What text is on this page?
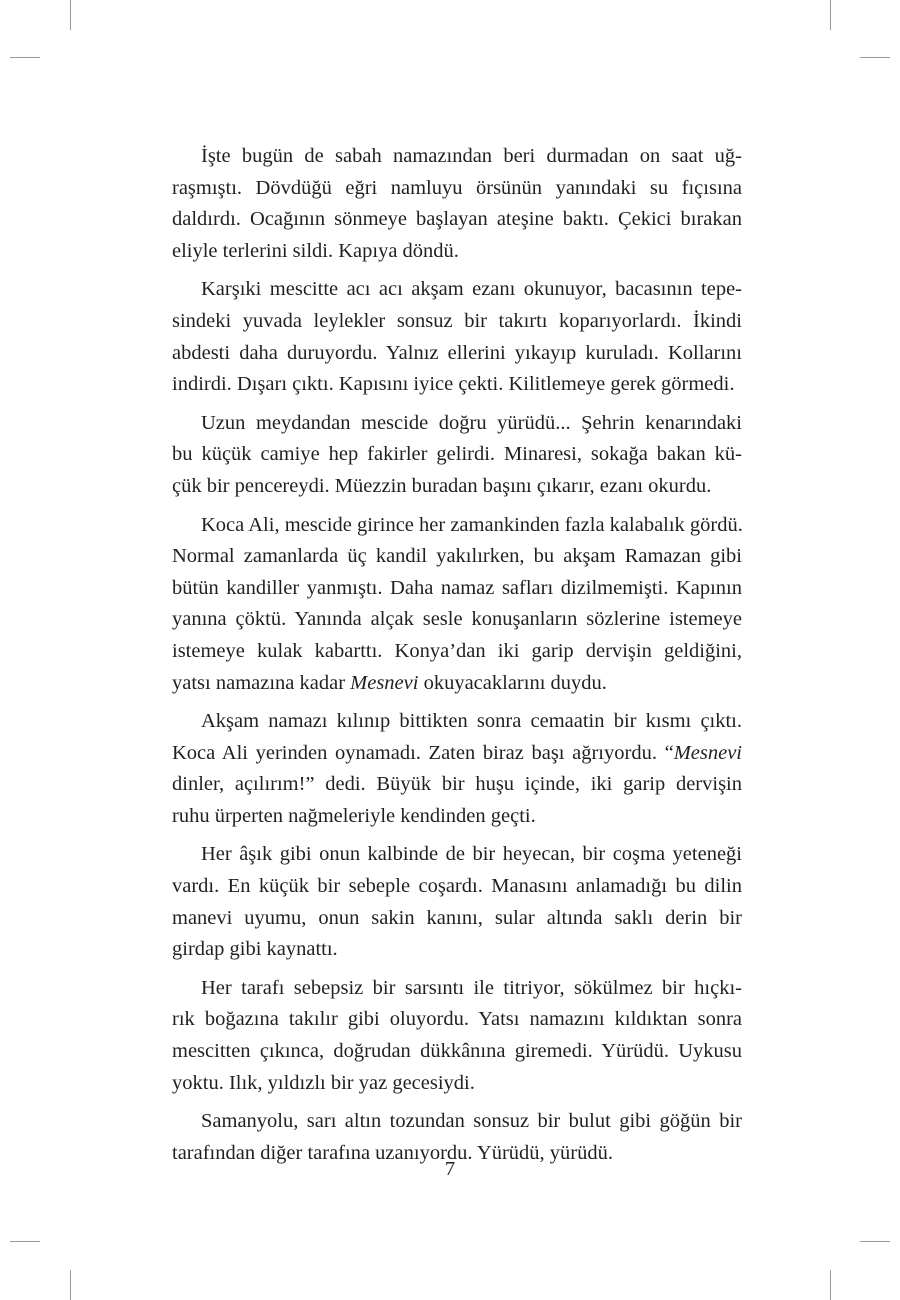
İşte bugün de sabah namazından beri durmadan on saat uğ-
raşmıştı. Dövdüğü eğri namluyu örsünün yanındaki su fıçısına
daldırdı. Ocağının sönmeye başlayan ateşine baktı. Çekici bırakan
eliyle terlerini sildi. Kapıya döndü.
Karşıki mescitte acı acı akşam ezanı okunuyor, bacasının tepe-
sindeki yuvada leylekler sonsuz bir takırtı koparıyorlardı. İkindi
abdesti daha duruyordu. Yalnız ellerini yıkayıp kuruladı. Kollarını
indirdi. Dışarı çıktı. Kapısını iyice çekti. Kilitlemeye gerek görmedi.
Uzun meydandan mescide doğru yürüdü... Şehrin kenarındaki
bu küçük camiye hep fakirler gelirdi. Minaresi, sokağa bakan kü-
çük bir pencereydi. Müezzin buradan başını çıkarır, ezanı okurdu.
Koca Ali, mescide girince her zamankinden fazla kalabalık gördü.
Normal zamanlarda üç kandil yakılırken, bu akşam Ramazan gibi
bütün kandiller yanmıştı. Daha namaz safları dizilmemişti. Kapının
yanına çöktü. Yanında alçak sesle konuşanların sözlerine istemeye
istemeye kulak kabarttı. Konya’dan iki garip dervişin geldiğini,
yatsı namazına kadar Mesnevi okuyacaklarını duydu.
Akşam namazı kılınıp bittikten sonra cemaatin bir kısmı çıktı.
Koca Ali yerinden oynamadı. Zaten biraz başı ağrıyordu. “Mesnevi
dinler, açılırım!” dedi. Büyük bir huşu içinde, iki garip dervişin
ruhu ürperten nağmeleriyle kendinden geçti.
Her âşık gibi onun kalbinde de bir heyecan, bir coşma yeteneği
vardı. En küçük bir sebeple coşardı. Manasını anlamadığı bu dilin
manevi uyumu, onun sakin kanını, sular altında saklı derin bir
girdap gibi kaynattı.
Her tarafı sebepsiz bir sarsıntı ile titriyor, sökülmez bir hıçkı-
rık boğazına takılır gibi oluyordu. Yatsı namazını kıldıktan sonra
mescitten çıkınca, doğrudan dükkânına giremedi. Yürüdü. Uykusu
yoktu. Ilık, yıldızlı bir yaz gecesiydi.
Samanyolu, sarı altın tozundan sonsuz bir bulut gibi göğün bir
tarafından diğer tarafına uzanıyordu. Yürüdü, yürüdü.
7
